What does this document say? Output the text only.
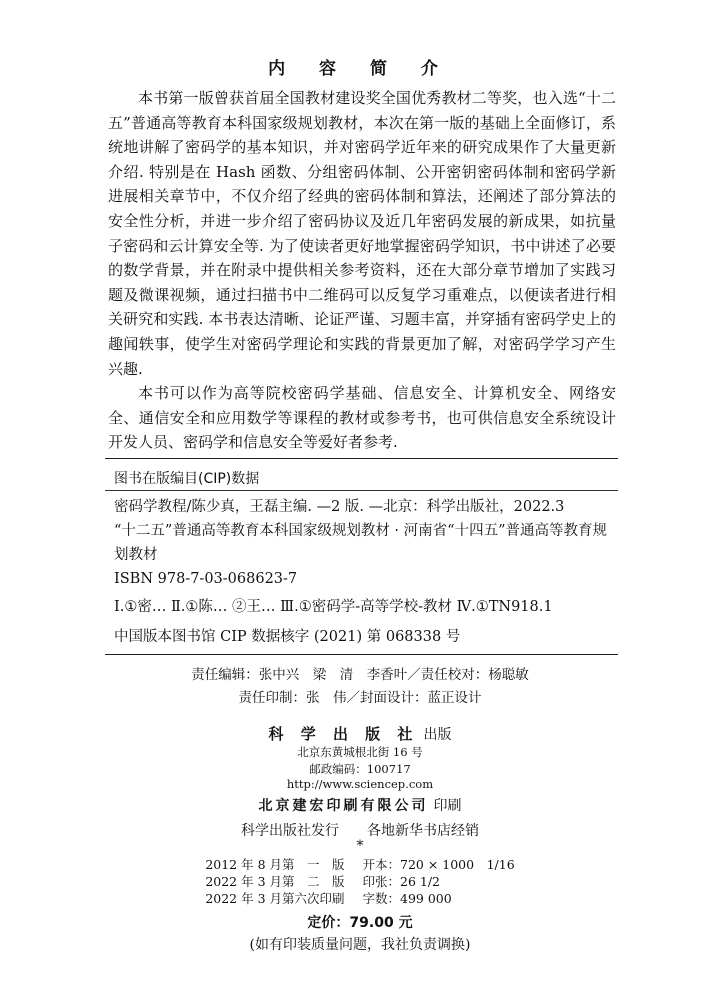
内 容 简 介

本书第一版曾获首届全国教材建设奖全国优秀教材二等奖，也入选“十二五”普通高等教育本科国家级规划教材，本次在第一版的基础上全面修订，系统地讲解了密码学的基本知识，并对密码学近年来的研究成果作了大量更新介绍. 特别是在 Hash 函数、分组密码体制、公开密钥密码体制和密码学新进展相关章节中，不仅介绍了经典的密码体制和算法，还阐述了部分算法的安全性分析，并进一步介绍了密码协议及近几年密码发展的新成果，如抗量子密码和云计算安全等. 为了使读者更好地掌握密码学知识，书中讲述了必要的数学背景，并在附录中提供相关参考资料，还在大部分章节增加了实践习题及微课视频，通过扫描书中二维码可以反复学习重难点，以便读者进行相关研究和实践. 本书表达清晰、论证严谨、习题丰富，并穿插有密码学史上的趣闻轶事，使学生对密码学理论和实践的背景更加了解，对密码学学习产生兴趣.

本书可以作为高等院校密码学基础、信息安全、计算机安全、网络安全、通信安全和应用数学等课程的教材或参考书，也可供信息安全系统设计开发人员、密码学和信息安全等爱好者参考.

图书在版编目(CIP)数据
密码学教程/陈少真，王磊主编. —2 版. —北京：科学出版社，2022.3
“十二五”普通高等教育本科国家级规划教材 · 河南省“十四五”普通高等教育规划教材
ISBN 978-7-03-068623-7
Ⅰ.①密… Ⅱ.①陈… ②王… Ⅲ.①密码学-高等学校-教材 Ⅳ.①TN918.1
中国版本图书馆 CIP 数据核字 (2021) 第 068338 号
责任编辑：张中兴　梁　清　李香叶／责任校对：杨聪敏
责任印制：张　伟／封面设计：蓝正设计
科 学 出 版 社 出版
北京东黄城根北街 16 号
邮政编码：100717
http://www.sciencep.com
北京建宏印刷有限公司 印刷
科学出版社发行　　各地新华书店经销
*
2012 年 8 月第　一　版
2022 年 3 月第　二　版
2022 年 3 月第六次印刷

开本：720 × 1000　1/16
印张：26 1/2
字数：499 000
定价：79.00 元
(如有印装质量问题，我社负责调换)
